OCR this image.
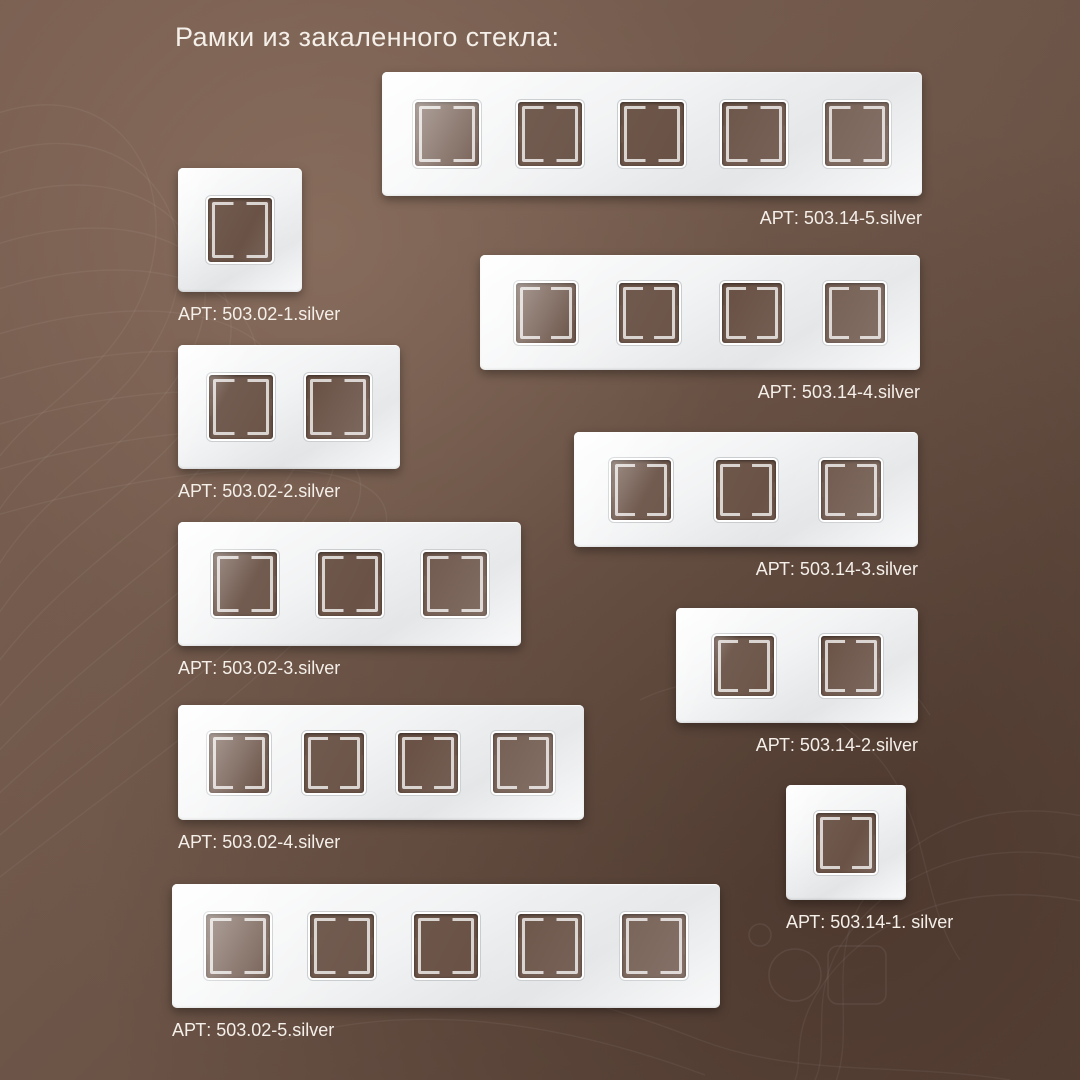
Рамки из закаленного стекла:
АРТ: 503.02-1.silver
АРТ: 503.02-2.silver
АРТ: 503.02-3.silver
АРТ: 503.02-4.silver
АРТ: 503.02-5.silver
АРТ: 503.14-5.silver
АРТ: 503.14-4.silver
АРТ: 503.14-3.silver
АРТ: 503.14-2.silver
АРТ: 503.14-1. silver
